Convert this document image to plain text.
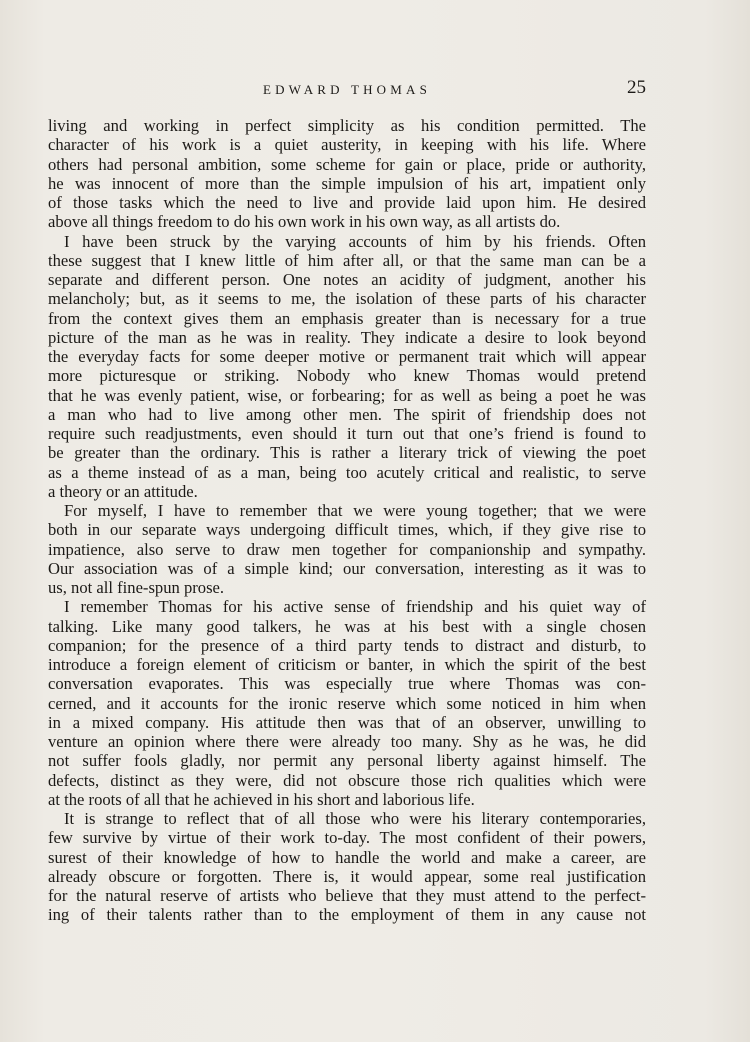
EDWARD THOMAS	25
living and working in perfect simplicity as his condition permitted. The
character of his work is a quiet austerity, in keeping with his life. Where
others had personal ambition, some scheme for gain or place, pride or authority,
he was innocent of more than the simple impulsion of his art, impatient only
of those tasks which the need to live and provide laid upon him. He desired
above all things freedom to do his own work in his own way, as all artists do.
I have been struck by the varying accounts of him by his friends. Often
these suggest that I knew little of him after all, or that the same man can be a
separate and different person. One notes an acidity of judgment, another his
melancholy; but, as it seems to me, the isolation of these parts of his character
from the context gives them an emphasis greater than is necessary for a true
picture of the man as he was in reality. They indicate a desire to look beyond
the everyday facts for some deeper motive or permanent trait which will appear
more picturesque or striking. Nobody who knew Thomas would pretend
that he was evenly patient, wise, or forbearing; for as well as being a poet he was
a man who had to live among other men. The spirit of friendship does not
require such readjustments, even should it turn out that one’s friend is found to
be greater than the ordinary. This is rather a literary trick of viewing the poet
as a theme instead of as a man, being too acutely critical and realistic, to serve
a theory or an attitude.
For myself, I have to remember that we were young together; that we were
both in our separate ways undergoing difficult times, which, if they give rise to
impatience, also serve to draw men together for companionship and sympathy.
Our association was of a simple kind; our conversation, interesting as it was to
us, not all fine-spun prose.
I remember Thomas for his active sense of friendship and his quiet way of
talking. Like many good talkers, he was at his best with a single chosen
companion; for the presence of a third party tends to distract and disturb, to
introduce a foreign element of criticism or banter, in which the spirit of the best
conversation evaporates. This was especially true where Thomas was con-
cerned, and it accounts for the ironic reserve which some noticed in him when
in a mixed company. His attitude then was that of an observer, unwilling to
venture an opinion where there were already too many. Shy as he was, he did
not suffer fools gladly, nor permit any personal liberty against himself. The
defects, distinct as they were, did not obscure those rich qualities which were
at the roots of all that he achieved in his short and laborious life.
It is strange to reflect that of all those who were his literary contemporaries,
few survive by virtue of their work to-day. The most confident of their powers,
surest of their knowledge of how to handle the world and make a career, are
already obscure or forgotten. There is, it would appear, some real justification
for the natural reserve of artists who believe that they must attend to the perfect-
ing of their talents rather than to the employment of them in any cause not
